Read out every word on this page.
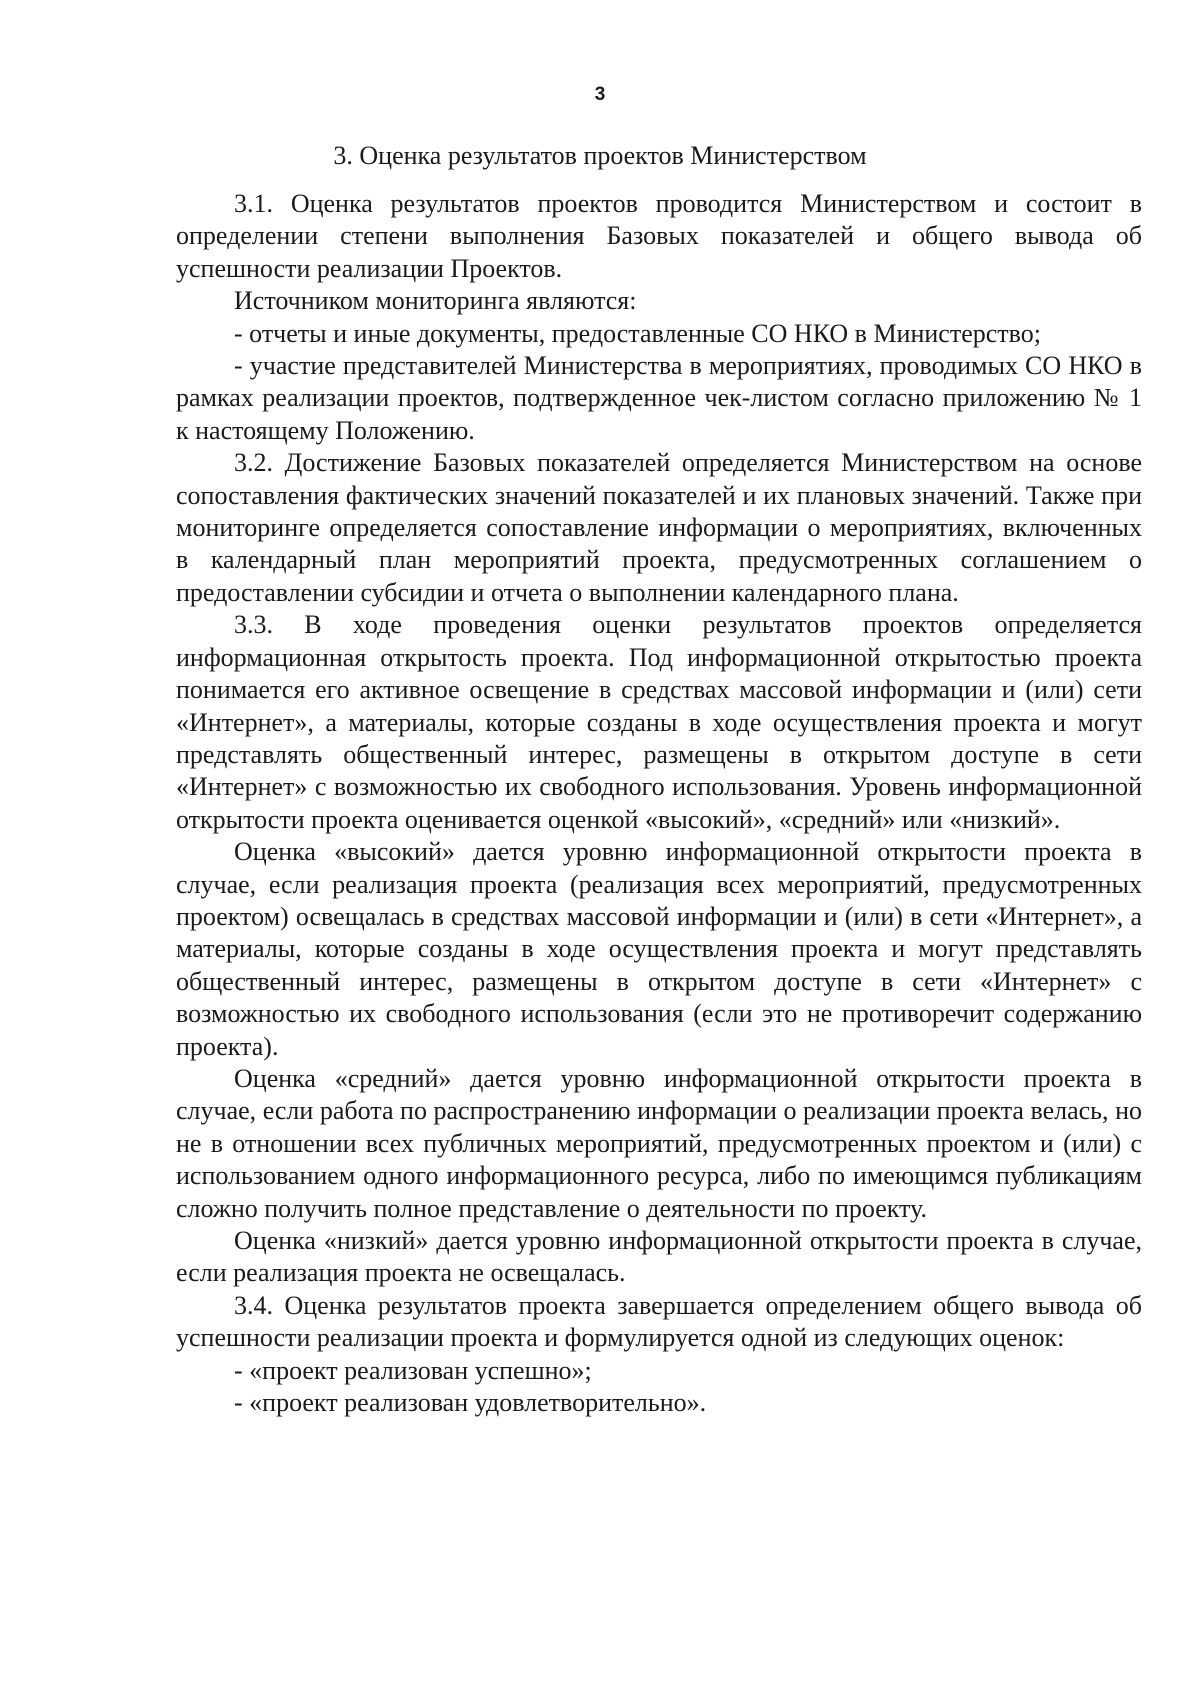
3
3. Оценка результатов проектов Министерством

3.1. Оценка результатов проектов проводится Министерством и состоит в определении степени выполнения Базовых показателей и общего вывода об успешности реализации Проектов.

Источником мониторинга являются:

- отчеты и иные документы, предоставленные СО НКО в Министерство;

- участие представителей Министерства в мероприятиях, проводимых СО НКО в рамках реализации проектов, подтвержденное чек-листом согласно приложению № 1 к настоящему Положению.

3.2. Достижение Базовых показателей определяется Министерством на основе сопоставления фактических значений показателей и их плановых значений. Также при мониторинге определяется сопоставление информации о мероприятиях, включенных в календарный план мероприятий проекта, предусмотренных соглашением о предоставлении субсидии и отчета о выполнении календарного плана.

3.3. В ходе проведения оценки результатов проектов определяется информационная открытость проекта. Под информационной открытостью проекта понимается его активное освещение в средствах массовой информации и (или) сети «Интернет», а материалы, которые созданы в ходе осуществления проекта и могут представлять общественный интерес, размещены в открытом доступе в сети «Интернет» с возможностью их свободного использования. Уровень информационной открытости проекта оценивается оценкой «высокий», «средний» или «низкий».

Оценка «высокий» дается уровню информационной открытости проекта в случае, если реализация проекта (реализация всех мероприятий, предусмотренных проектом) освещалась в средствах массовой информации и (или) в сети «Интернет», а материалы, которые созданы в ходе осуществления проекта и могут представлять общественный интерес, размещены в открытом доступе в сети «Интернет» с возможностью их свободного использования (если это не противоречит содержанию проекта).

Оценка «средний» дается уровню информационной открытости проекта в случае, если работа по распространению информации о реализации проекта велась, но не в отношении всех публичных мероприятий, предусмотренных проектом и (или) с использованием одного информационного ресурса, либо по имеющимся публикациям сложно получить полное представление о деятельности по проекту.

Оценка «низкий» дается уровню информационной открытости проекта в случае, если реализация проекта не освещалась.

3.4. Оценка результатов проекта завершается определением общего вывода об успешности реализации проекта и формулируется одной из следующих оценок:

- «проект реализован успешно»;

- «проект реализован удовлетворительно».
